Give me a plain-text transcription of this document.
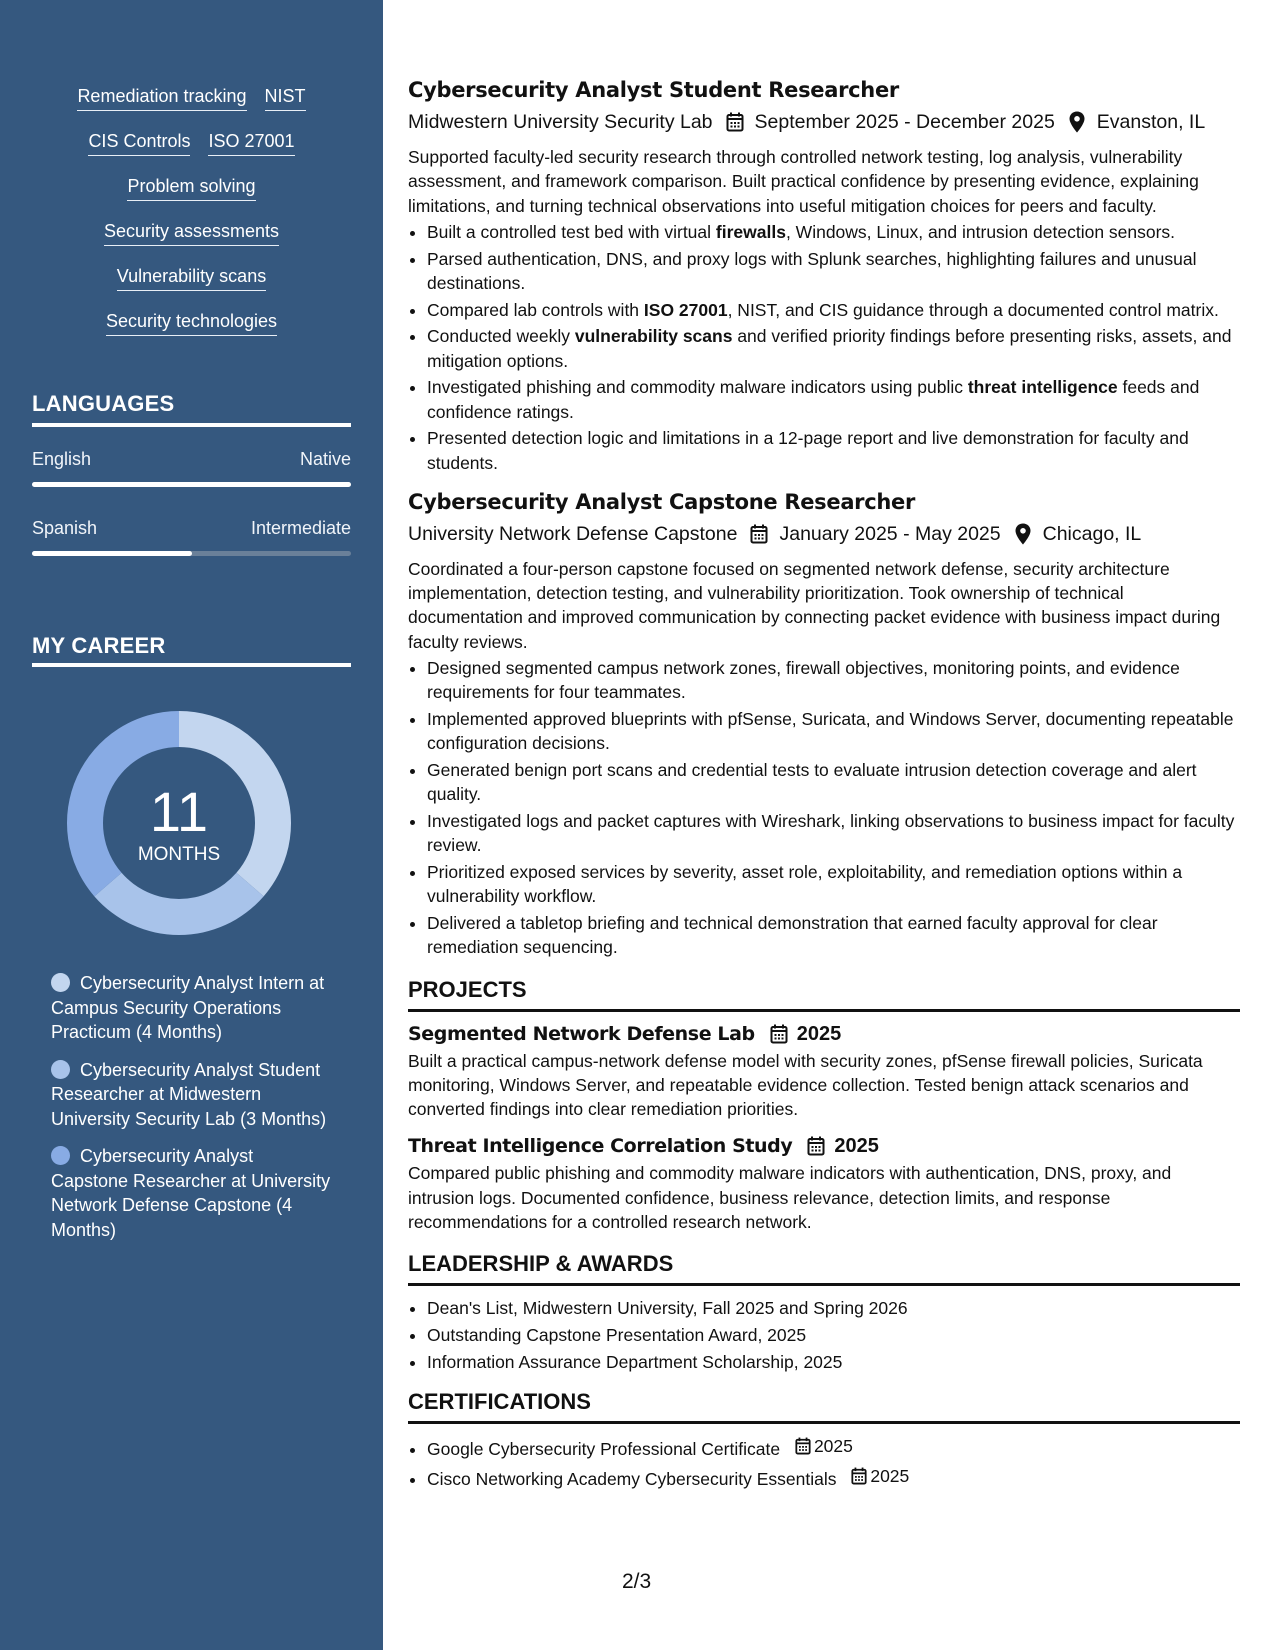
Remediation tracking NIST
CIS Controls ISO 27001
Problem solving
Security assessments
Vulnerability scans
Security technologies
LANGUAGES
English	Native
Spanish	Intermediate
MY CAREER
11
MONTHS
Cybersecurity Analyst Intern at Campus Security Operations Practicum (4 Months)
Cybersecurity Analyst Student Researcher at Midwestern University Security Lab (3 Months)
Cybersecurity Analyst Capstone Researcher at University Network Defense Capstone (4 Months)
Cybersecurity Analyst Student Researcher
Midwestern University Security Lab September 2025 - December 2025 Evanston, IL
Supported faculty-led security research through controlled network testing, log analysis, vulnerability assessment, and framework comparison. Built practical confidence by presenting evidence, explaining limitations, and turning technical observations into useful mitigation choices for peers and faculty.
• Built a controlled test bed with virtual firewalls, Windows, Linux, and intrusion detection sensors.
• Parsed authentication, DNS, and proxy logs with Splunk searches, highlighting failures and unusual destinations.
• Compared lab controls with ISO 27001, NIST, and CIS guidance through a documented control matrix.
• Conducted weekly vulnerability scans and verified priority findings before presenting risks, assets, and mitigation options.
• Investigated phishing and commodity malware indicators using public threat intelligence feeds and confidence ratings.
• Presented detection logic and limitations in a 12-page report and live demonstration for faculty and students.
Cybersecurity Analyst Capstone Researcher
University Network Defense Capstone January 2025 - May 2025 Chicago, IL
Coordinated a four-person capstone focused on segmented network defense, security architecture implementation, detection testing, and vulnerability prioritization. Took ownership of technical documentation and improved communication by connecting packet evidence with business impact during faculty reviews.
• Designed segmented campus network zones, firewall objectives, monitoring points, and evidence requirements for four teammates.
• Implemented approved blueprints with pfSense, Suricata, and Windows Server, documenting repeatable configuration decisions.
• Generated benign port scans and credential tests to evaluate intrusion detection coverage and alert quality.
• Investigated logs and packet captures with Wireshark, linking observations to business impact for faculty review.
• Prioritized exposed services by severity, asset role, exploitability, and remediation options within a vulnerability workflow.
• Delivered a tabletop briefing and technical demonstration that earned faculty approval for clear remediation sequencing.
PROJECTS
Segmented Network Defense Lab 2025
Built a practical campus-network defense model with security zones, pfSense firewall policies, Suricata monitoring, Windows Server, and repeatable evidence collection. Tested benign attack scenarios and converted findings into clear remediation priorities.
Threat Intelligence Correlation Study 2025
Compared public phishing and commodity malware indicators with authentication, DNS, proxy, and intrusion logs. Documented confidence, business relevance, detection limits, and response recommendations for a controlled research network.
LEADERSHIP & AWARDS
• Dean's List, Midwestern University, Fall 2025 and Spring 2026
• Outstanding Capstone Presentation Award, 2025
• Information Assurance Department Scholarship, 2025
CERTIFICATIONS
• Google Cybersecurity Professional Certificate 2025
• Cisco Networking Academy Cybersecurity Essentials 2025
2/3
